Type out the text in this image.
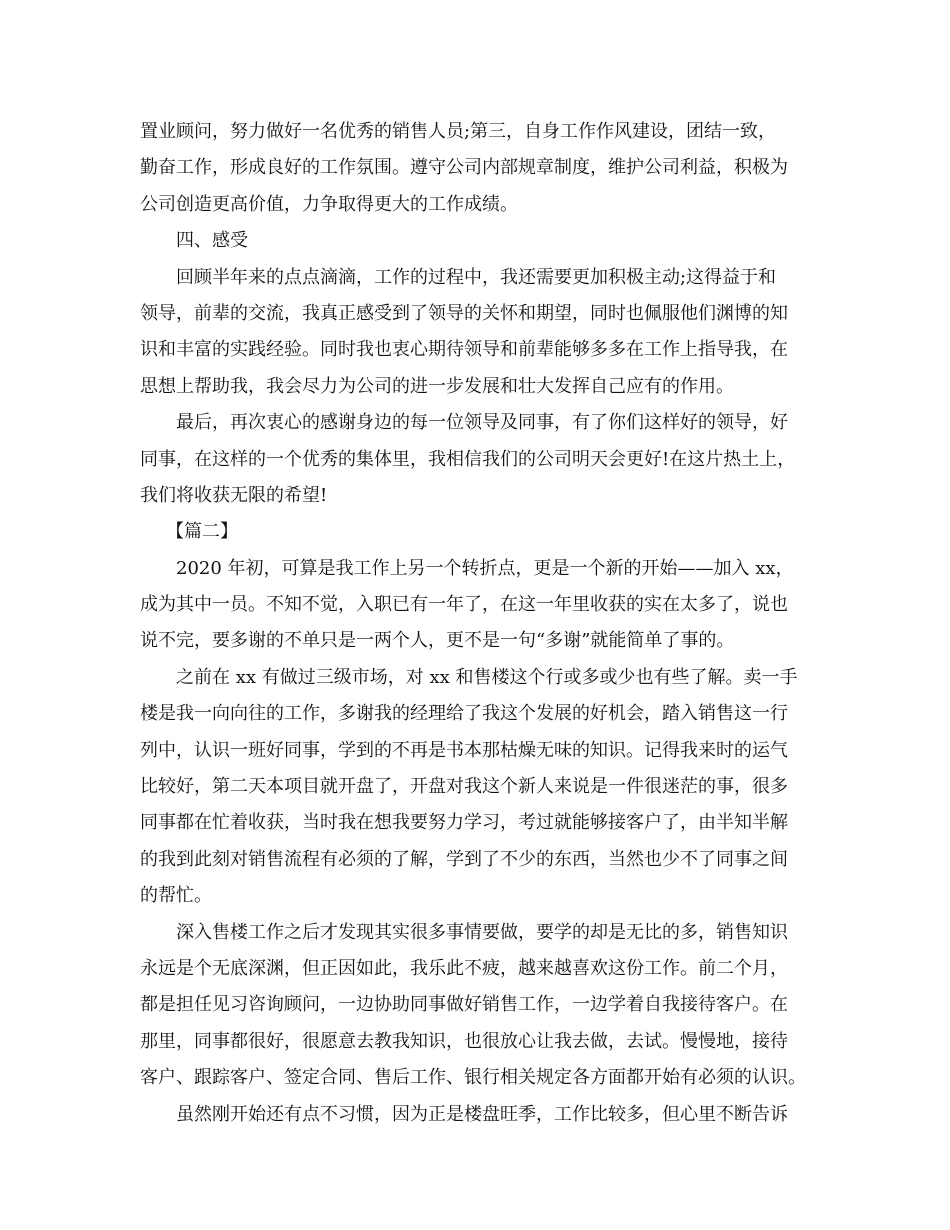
置业顾问，努力做好一名优秀的销售人员;第三，自身工作作风建设，团结一致，
勤奋工作，形成良好的工作氛围。遵守公司内部规章制度，维护公司利益，积极为
公司创造更高价值，力争取得更大的工作成绩。
四、感受
回顾半年来的点点滴滴，工作的过程中，我还需要更加积极主动;这得益于和
领导，前辈的交流，我真正感受到了领导的关怀和期望，同时也佩服他们渊博的知
识和丰富的实践经验。同时我也衷心期待领导和前辈能够多多在工作上指导我，在
思想上帮助我，我会尽力为公司的进一步发展和壮大发挥自己应有的作用。
最后，再次衷心的感谢身边的每一位领导及同事，有了你们这样好的领导，好
同事，在这样的一个优秀的集体里，我相信我们的公司明天会更好!在这片热土上，
我们将收获无限的希望!
【篇二】
2020 年初，可算是我工作上另一个转折点，更是一个新的开始——加入 xx，
成为其中一员。不知不觉，入职已有一年了，在这一年里收获的实在太多了，说也
说不完，要多谢的不单只是一两个人，更不是一句“多谢”就能简单了事的。
之前在 xx 有做过三级市场，对 xx 和售楼这个行或多或少也有些了解。卖一手
楼是我一向向往的工作，多谢我的经理给了我这个发展的好机会，踏入销售这一行
列中，认识一班好同事，学到的不再是书本那枯燥无味的知识。记得我来时的运气
比较好，第二天本项目就开盘了，开盘对我这个新人来说是一件很迷茫的事，很多
同事都在忙着收获，当时我在想我要努力学习，考过就能够接客户了，由半知半解
的我到此刻对销售流程有必须的了解，学到了不少的东西，当然也少不了同事之间
的帮忙。
深入售楼工作之后才发现其实很多事情要做，要学的却是无比的多，销售知识
永远是个无底深渊，但正因如此，我乐此不疲，越来越喜欢这份工作。前二个月，
都是担任见习咨询顾问，一边协助同事做好销售工作，一边学着自我接待客户。在
那里，同事都很好，很愿意去教我知识，也很放心让我去做，去试。慢慢地，接待
客户、跟踪客户、签定合同、售后工作、银行相关规定各方面都开始有必须的认识。
虽然刚开始还有点不习惯，因为正是楼盘旺季，工作比较多，但心里不断告诉
